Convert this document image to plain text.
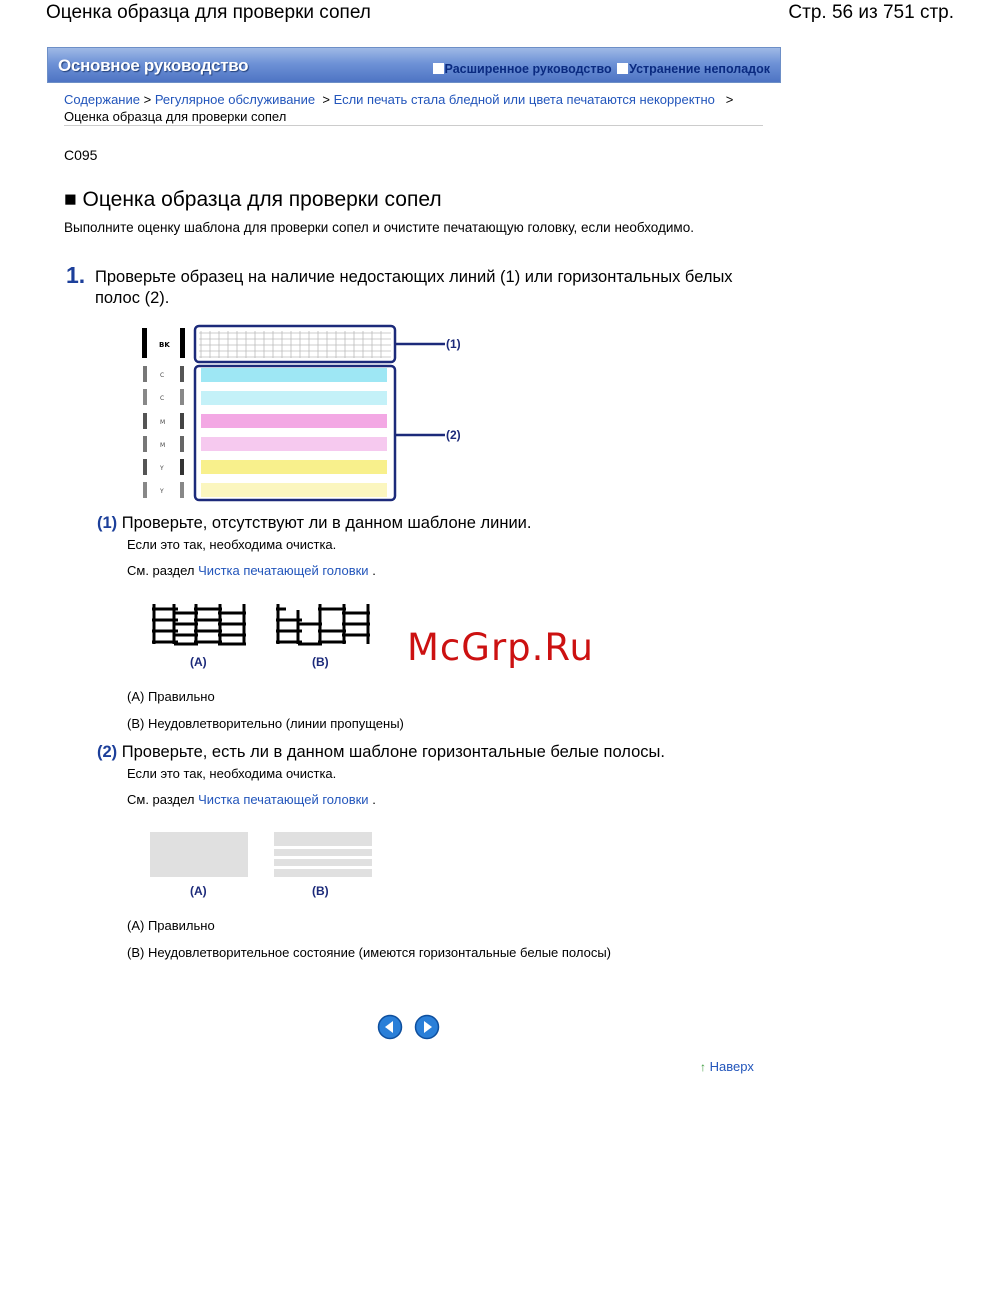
Оценка образца для проверки сопел	Стр. 56 из 751 стр.
Основное руководство	Расширенное руководство Устранение неполадок
Содержание > Регулярное обслуживание > Если печать стала бледной или цвета печатаются некорректно >
Оценка образца для проверки сопел
C095
■ Оценка образца для проверки сопел
Выполните оценку шаблона для проверки сопел и очистите печатающую головку, если необходимо.
1. Проверьте образец на наличие недостающих линий (1) или горизонтальных белых полос (2).
BK
C
C
M
M
Y
Y
(1)
(2)
(1) Проверьте, отсутствуют ли в данном шаблоне линии.
Если это так, необходима очистка.
См. раздел Чистка печатающей головки .
(A)	(B)
(A) Правильно
(B) Неудовлетворительно (линии пропущены)
(2) Проверьте, есть ли в данном шаблоне горизонтальные белые полосы.
Если это так, необходима очистка.
См. раздел Чистка печатающей головки .
(A)	(B)
(A) Правильно
(B) Неудовлетворительное состояние (имеются горизонтальные белые полосы)
McGrp.Ru
↑ Наверх
